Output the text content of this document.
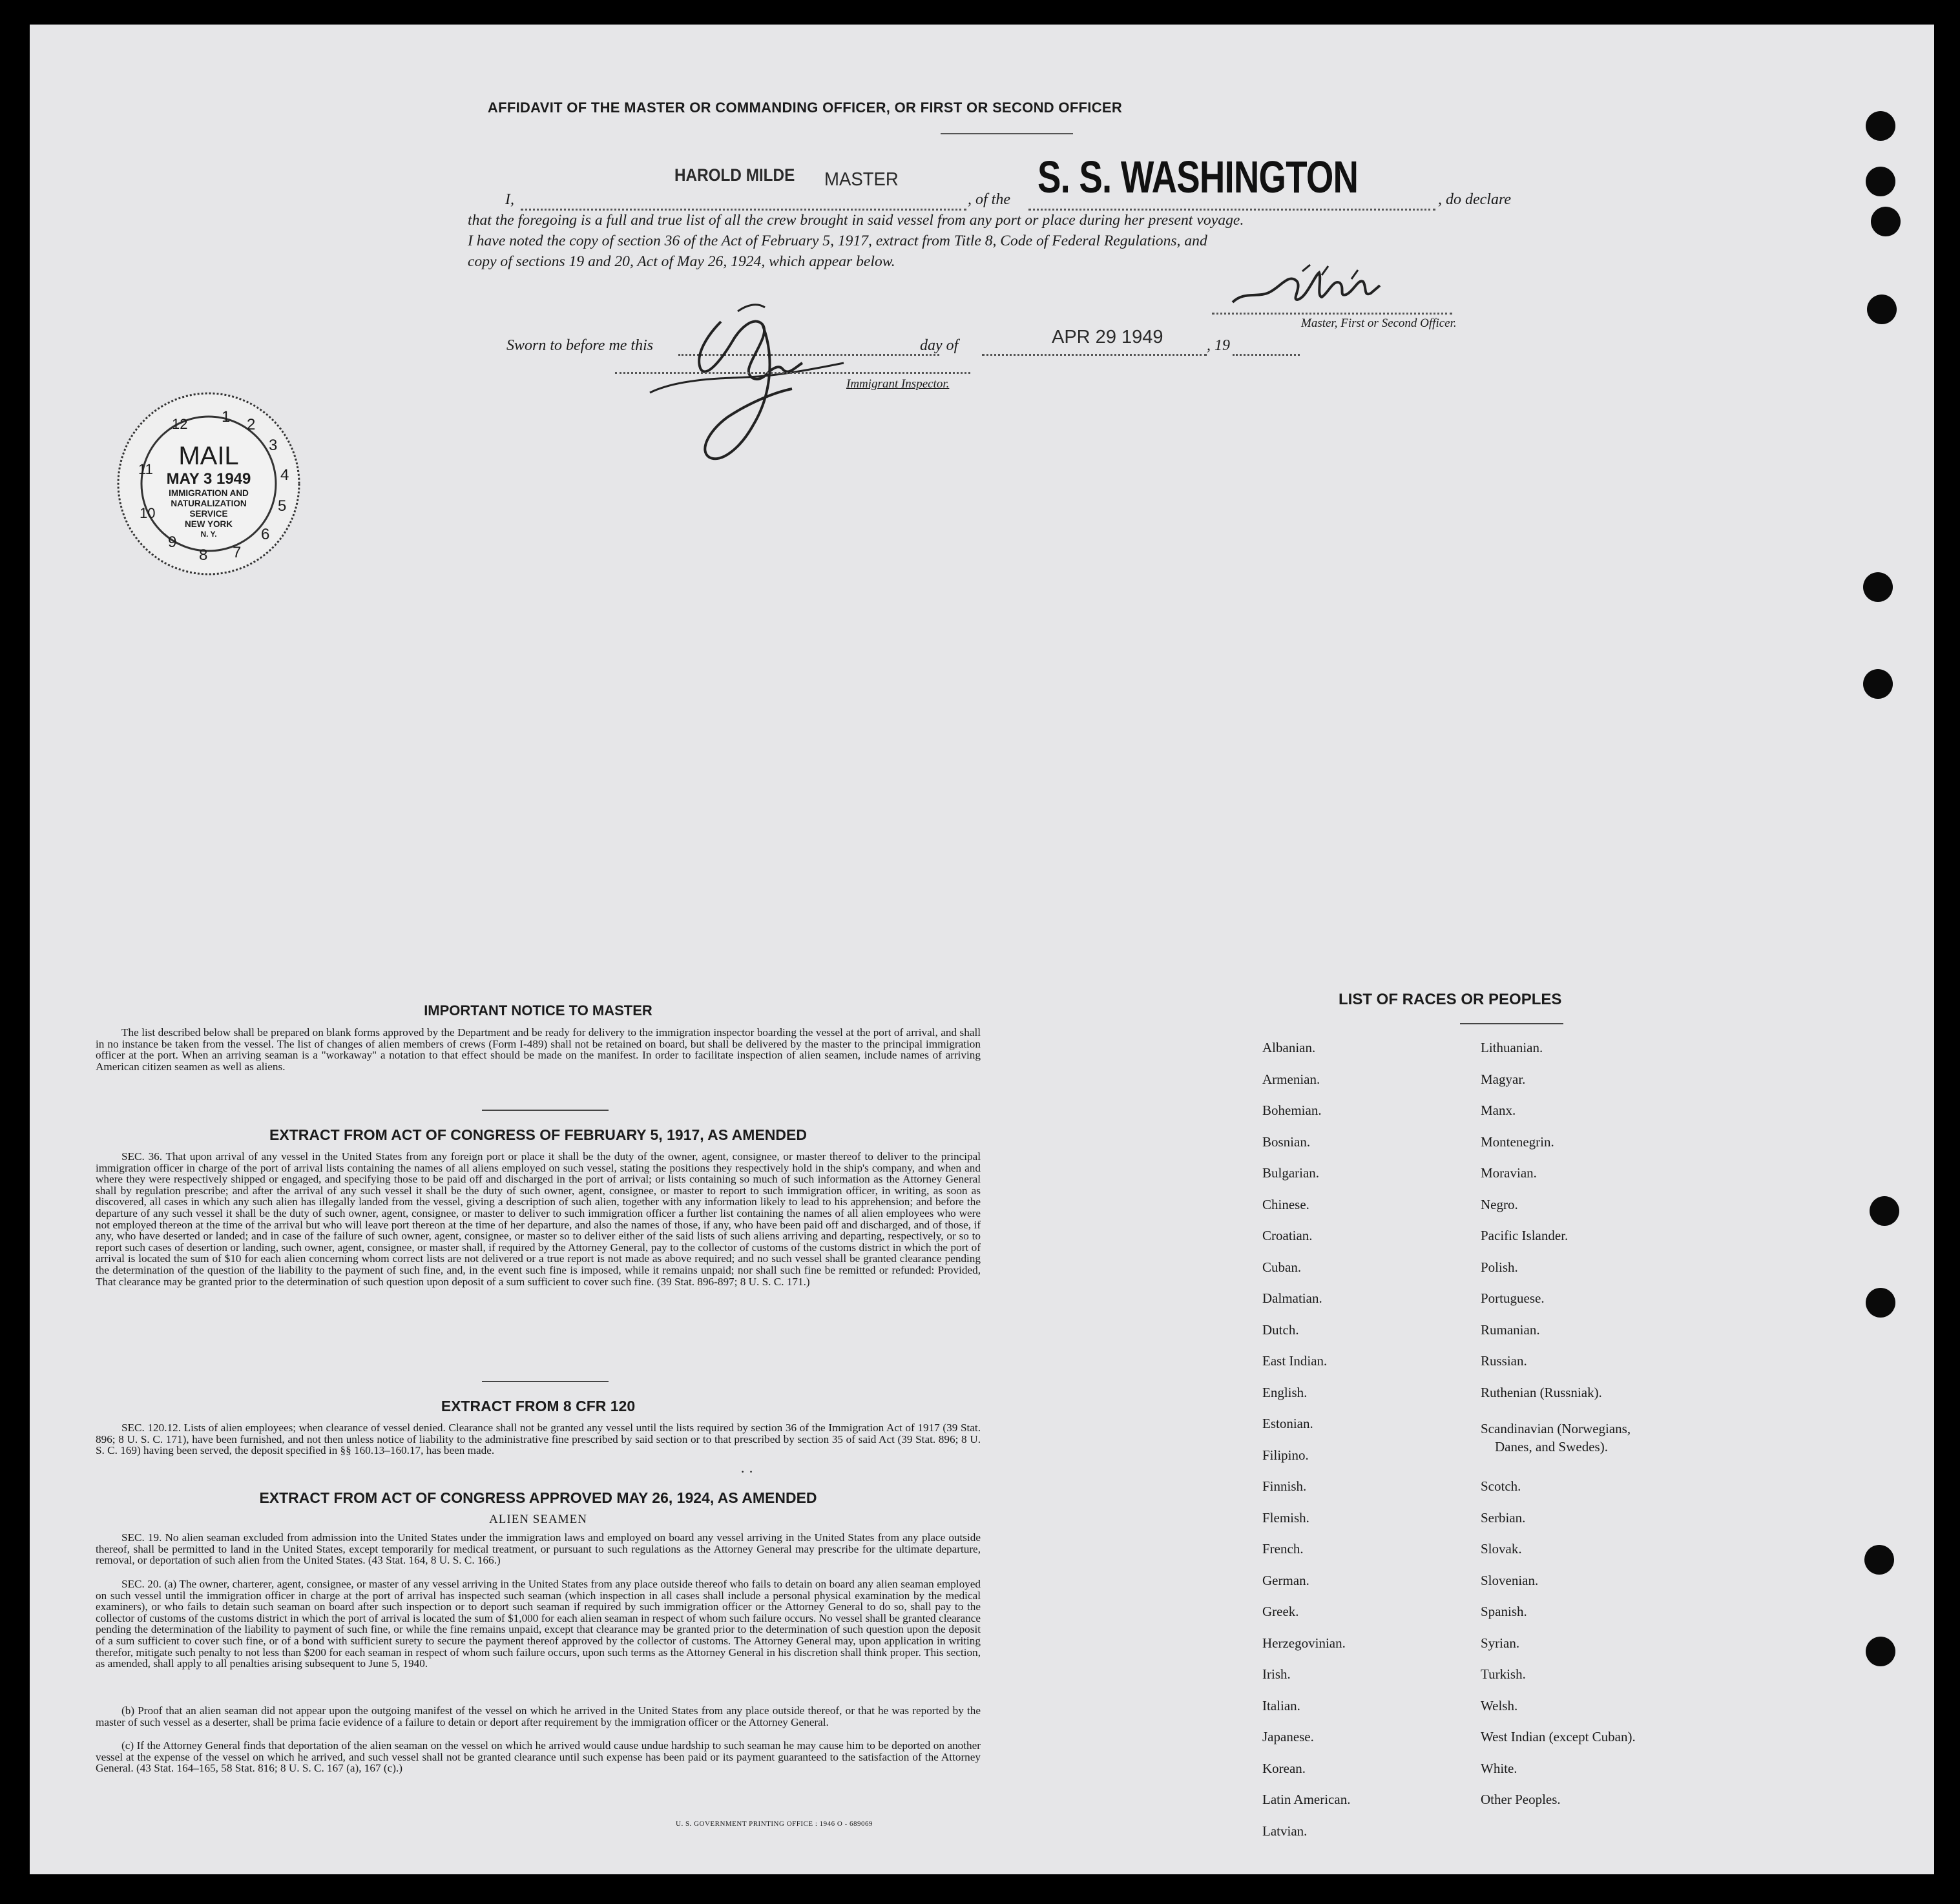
AFFIDAVIT OF THE MASTER OR COMMANDING OFFICER, OR FIRST OR SECOND OFFICER
I,
HAROLD MILDE MASTER
, of the S. S. WASHINGTON	, do declare
that the foregoing is a full and true list of all the crew brought in said vessel from any port or place during her present voyage.
I have noted the copy of section 36 of the Act of February 5, 1917, extract from Title 8, Code of Federal Regulations, and
copy of sections 19 and 20, Act of May 26, 1924, which appear below.
Master, First or Second Officer.
Sworn to before me this	day of	APR 29 1949	, 19
Immigrant Inspector.
1 2
3
4
5
6
7
8
9
10
11
12
MAIL
MAY 3 1949
IMMIGRATION AND
NATURALIZATION
SERVICE
NEW YORK
N. Y.
IMPORTANT NOTICE TO MASTER
The list described below shall be prepared on blank forms approved by the Department and be ready for delivery to the immigration inspector boarding the vessel at the port of arrival, and shall in no instance be taken from the vessel. The list of changes of alien members of crews (Form I-489) shall not be retained on board, but shall be delivered by the master to the principal immigration officer at the port. When an arriving seaman is a "workaway" a notation to that effect should be made on the manifest. In order to facilitate inspection of alien seamen, include names of arriving American citizen seamen as well as aliens.
EXTRACT FROM ACT OF CONGRESS OF FEBRUARY 5, 1917, AS AMENDED
SEC. 36. That upon arrival of any vessel in the United States from any foreign port or place it shall be the duty of the owner, agent, consignee, or master thereof to deliver to the principal immigration officer in charge of the port of arrival lists containing the names of all aliens employed on such vessel, stating the positions they respectively hold in the ship's company, and when and where they were respectively shipped or engaged, and specifying those to be paid off and discharged in the port of arrival; or lists containing so much of such information as the Attorney General shall by regulation prescribe; and after the arrival of any such vessel it shall be the duty of such owner, agent, consignee, or master to report to such immigration officer, in writing, as soon as discovered, all cases in which any such alien has illegally landed from the vessel, giving a description of such alien, together with any information likely to lead to his apprehension; and before the departure of any such vessel it shall be the duty of such owner, agent, consignee, or master to deliver to such immigration officer a further list containing the names of all alien employees who were not employed thereon at the time of the arrival but who will leave port thereon at the time of her departure, and also the names of those, if any, who have been paid off and discharged, and of those, if any, who have deserted or landed; and in case of the failure of such owner, agent, consignee, or master so to deliver either of the said lists of such aliens arriving and departing, respectively, or so to report such cases of desertion or landing, such owner, agent, consignee, or master shall, if required by the Attorney General, pay to the collector of customs of the customs district in which the port of arrival is located the sum of $10 for each alien concerning whom correct lists are not delivered or a true report is not made as above required; and no such vessel shall be granted clearance pending the determination of the question of the liability to the payment of such fine, and, in the event such fine is imposed, while it remains unpaid; nor shall such fine be remitted or refunded: Provided, That clearance may be granted prior to the determination of such question upon deposit of a sum sufficient to cover such fine. (39 Stat. 896-897; 8 U. S. C. 171.)
EXTRACT FROM 8 CFR 120
SEC. 120.12. Lists of alien employees; when clearance of vessel denied. Clearance shall not be granted any vessel until the lists required by section 36 of the Immigration Act of 1917 (39 Stat. 896; 8 U. S. C. 171), have been furnished, and not then unless notice of liability to the administrative fine prescribed by said section or to that prescribed by section 35 of said Act (39 Stat. 896; 8 U. S. C. 169) having been served, the deposit specified in §§ 160.13–160.17, has been made.
· ·
EXTRACT FROM ACT OF CONGRESS APPROVED MAY 26, 1924, AS AMENDED
ALIEN SEAMEN
SEC. 19. No alien seaman excluded from admission into the United States under the immigration laws and employed on board any vessel arriving in the United States from any place outside thereof, shall be permitted to land in the United States, except temporarily for medical treatment, or pursuant to such regulations as the Attorney General may prescribe for the ultimate departure, removal, or deportation of such alien from the United States. (43 Stat. 164, 8 U. S. C. 166.)
SEC. 20. (a) The owner, charterer, agent, consignee, or master of any vessel arriving in the United States from any place outside thereof who fails to detain on board any alien seaman employed on such vessel until the immigration officer in charge at the port of arrival has inspected such seaman (which inspection in all cases shall include a personal physical examination by the medical examiners), or who fails to detain such seaman on board after such inspection or to deport such seaman if required by such immigration officer or the Attorney General to do so, shall pay to the collector of customs of the customs district in which the port of arrival is located the sum of $1,000 for each alien seaman in respect of whom such failure occurs. No vessel shall be granted clearance pending the determination of the liability to payment of such fine, or while the fine remains unpaid, except that clearance may be granted prior to the determination of such question upon the deposit of a sum sufficient to cover such fine, or of a bond with sufficient surety to secure the payment thereof approved by the collector of customs. The Attorney General may, upon application in writing therefor, mitigate such penalty to not less than $200 for each seaman in respect of whom such failure occurs, upon such terms as the Attorney General in his discretion shall think proper. This section, as amended, shall apply to all penalties arising subsequent to June 5, 1940.
(b) Proof that an alien seaman did not appear upon the outgoing manifest of the vessel on which he arrived in the United States from any place outside thereof, or that he was reported by the master of such vessel as a deserter, shall be prima facie evidence of a failure to detain or deport after requirement by the immigration officer or the Attorney General.
(c) If the Attorney General finds that deportation of the alien seaman on the vessel on which he arrived would cause undue hardship to such seaman he may cause him to be deported on another vessel at the expense of the vessel on which he arrived, and such vessel shall not be granted clearance until such expense has been paid or its payment guaranteed to the satisfaction of the Attorney General. (43 Stat. 164–165, 58 Stat. 816; 8 U. S. C. 167 (a), 167 (c).)
U. S. GOVERNMENT PRINTING OFFICE : 1946 O - 689069
LIST OF RACES OR PEOPLES
Albanian.
Armenian.
Bohemian.
Bosnian.
Bulgarian.
Chinese.
Croatian.
Cuban.
Dalmatian.
Dutch.
East Indian.
English.
Estonian.
Filipino.
Finnish.
Flemish.
French.
German.
Greek.
Herzegovinian.
Irish.
Italian.
Japanese.
Korean.
Latin American.
Latvian.
Lithuanian.
Magyar.
Manx.
Montenegrin.
Moravian.
Negro.
Pacific Islander.
Polish.
Portuguese.
Rumanian.
Russian.
Ruthenian (Russniak).
Scandinavian (Norwegians,
Danes, and Swedes).
Scotch.
Serbian.
Slovak.
Slovenian.
Spanish.
Syrian.
Turkish.
Welsh.
West Indian (except Cuban).
White.
Other Peoples.
